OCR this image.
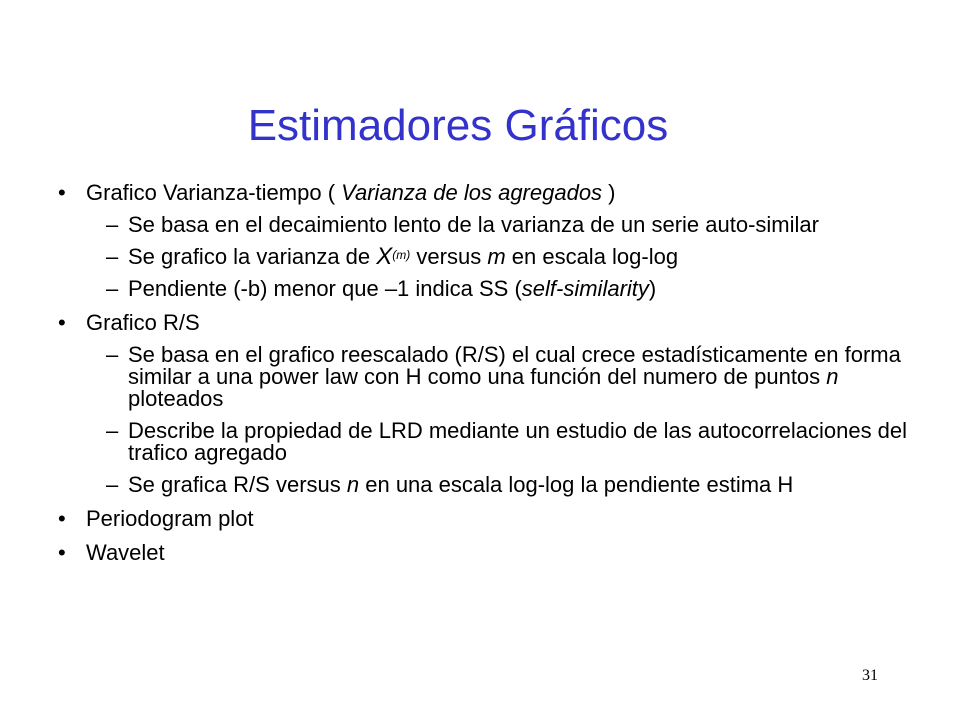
Estimadores Gráficos
• Grafico Varianza-tiempo ( Varianza de los agregados )
– Se basa en el decaimiento lento de la varianza de un serie auto-similar
– Se grafico la varianza de $X^{(m)}$ versus m en escala log-log
– Pendiente (-b) menor que –1 indica SS (self-similarity)
• Grafico R/S
– Se basa en el grafico reescalado (R/S) el cual crece estadísticamente en forma similar a una power law con H como una función del numero de puntos n ploteados
– Describe la propiedad de LRD mediante un estudio de las autocorrelaciones del trafico agregado
– Se grafica R/S versus n en una escala log-log la pendiente estima H
• Periodogram plot
• Wavelet
31
